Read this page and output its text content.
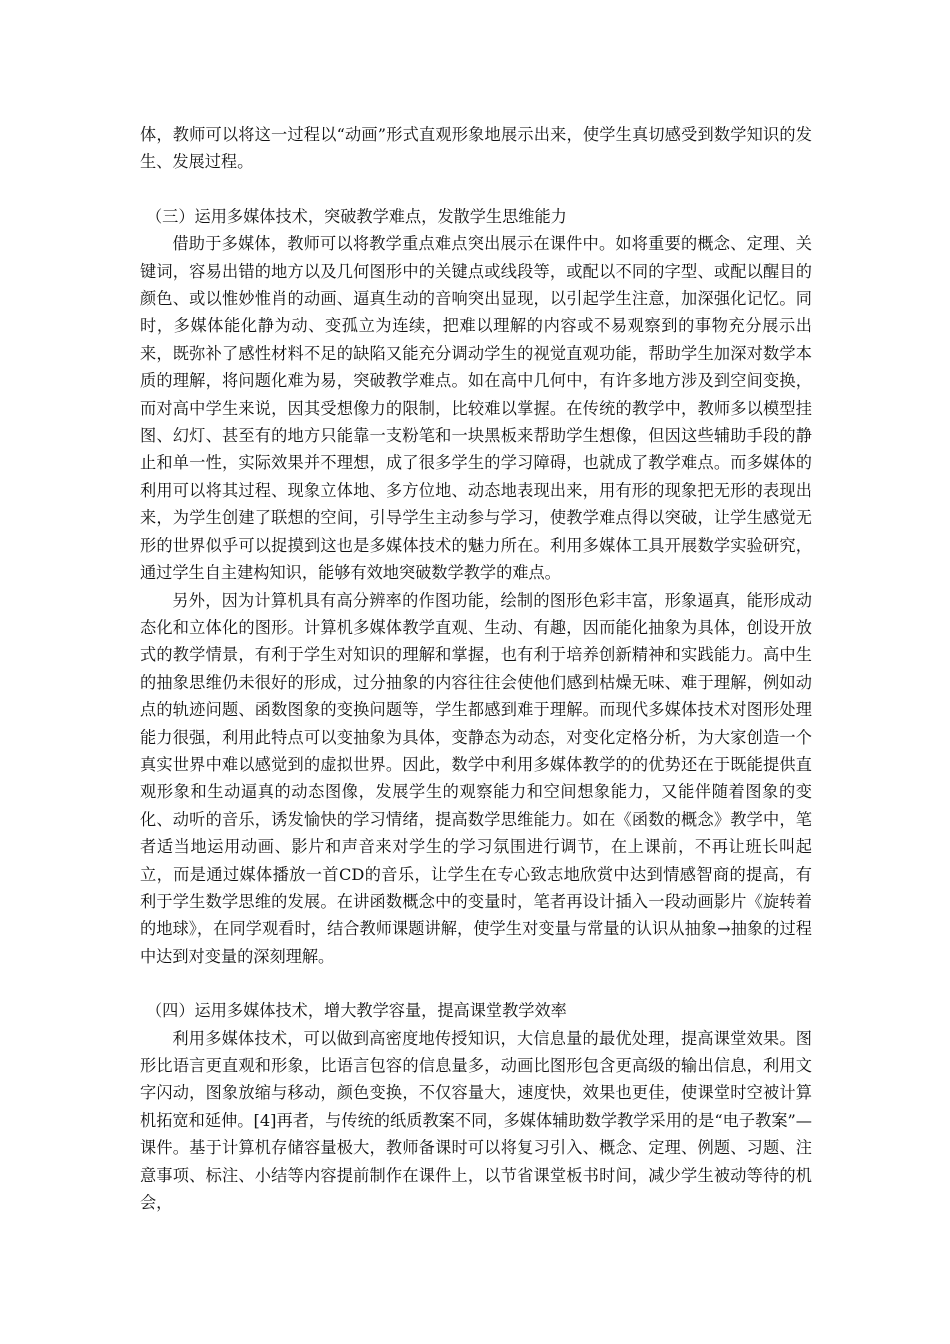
体，教师可以将这一过程以“动画”形式直观形象地展示出来，使学生真切感受到数学知识的发生、发展过程。

（三）运用多媒体技术，突破教学难点，发散学生思维能力

借助于多媒体，教师可以将教学重点难点突出展示在课件中。如将重要的概念、定理、关键词，容易出错的地方以及几何图形中的关键点或线段等，或配以不同的字型、或配以醒目的颜色、或以惟妙惟肖的动画、逼真生动的音响突出显现，以引起学生注意，加深强化记忆。同时，多媒体能化静为动、变孤立为连续，把难以理解的内容或不易观察到的事物充分展示出来，既弥补了感性材料不足的缺陷又能充分调动学生的视觉直观功能，帮助学生加深对数学本质的理解，将问题化难为易，突破教学难点。如在高中几何中，有许多地方涉及到空间变换，而对高中学生来说，因其受想像力的限制，比较难以掌握。在传统的教学中，教师多以模型挂图、幻灯、甚至有的地方只能靠一支粉笔和一块黑板来帮助学生想像，但因这些辅助手段的静止和单一性，实际效果并不理想，成了很多学生的学习障碍，也就成了教学难点。而多媒体的利用可以将其过程、现象立体地、多方位地、动态地表现出来，用有形的现象把无形的表现出来，为学生创建了联想的空间，引导学生主动参与学习，使教学难点得以突破，让学生感觉无形的世界似乎可以捉摸到这也是多媒体技术的魅力所在。利用多媒体工具开展数学实验研究，通过学生自主建构知识，能够有效地突破数学教学的难点。

另外，因为计算机具有高分辨率的作图功能，绘制的图形色彩丰富，形象逼真，能形成动态化和立体化的图形。计算机多媒体教学直观、生动、有趣，因而能化抽象为具体，创设开放式的教学情景，有利于学生对知识的理解和掌握，也有利于培养创新精神和实践能力。高中生的抽象思维仍未很好的形成，过分抽象的内容往往会使他们感到枯燥无味、难于理解，例如动点的轨迹问题、函数图象的变换问题等，学生都感到难于理解。而现代多媒体技术对图形处理能力很强，利用此特点可以变抽象为具体，变静态为动态，对变化定格分析，为大家创造一个真实世界中难以感觉到的虚拟世界。因此，数学中利用多媒体教学的的优势还在于既能提供直观形象和生动逼真的动态图像，发展学生的观察能力和空间想象能力，又能伴随着图象的变化、动听的音乐，诱发愉快的学习情绪，提高数学思维能力。如在《函数的概念》教学中，笔者适当地运用动画、影片和声音来对学生的学习氛围进行调节，在上课前，不再让班长叫起立，而是通过媒体播放一首CD的音乐，让学生在专心致志地欣赏中达到情感智商的提高，有利于学生数学思维的发展。在讲函数概念中的变量时，笔者再设计插入一段动画影片《旋转着的地球》，在同学观看时，结合教师课题讲解，使学生对变量与常量的认识从抽象→抽象的过程中达到对变量的深刻理解。

（四）运用多媒体技术，增大教学容量，提高课堂教学效率

利用多媒体技术，可以做到高密度地传授知识，大信息量的最优处理，提高课堂效果。图形比语言更直观和形象，比语言包容的信息量多，动画比图形包含更高级的输出信息，利用文字闪动，图象放缩与移动，颜色变换，不仅容量大，速度快，效果也更佳，使课堂时空被计算机拓宽和延伸。[4]再者，与传统的纸质教案不同，多媒体辅助数学教学采用的是“电子教案”—课件。基于计算机存储容量极大，教师备课时可以将复习引入、概念、定理、例题、习题、注意事项、标注、小结等内容提前制作在课件上，以节省课堂板书时间，减少学生被动等待的机会，
